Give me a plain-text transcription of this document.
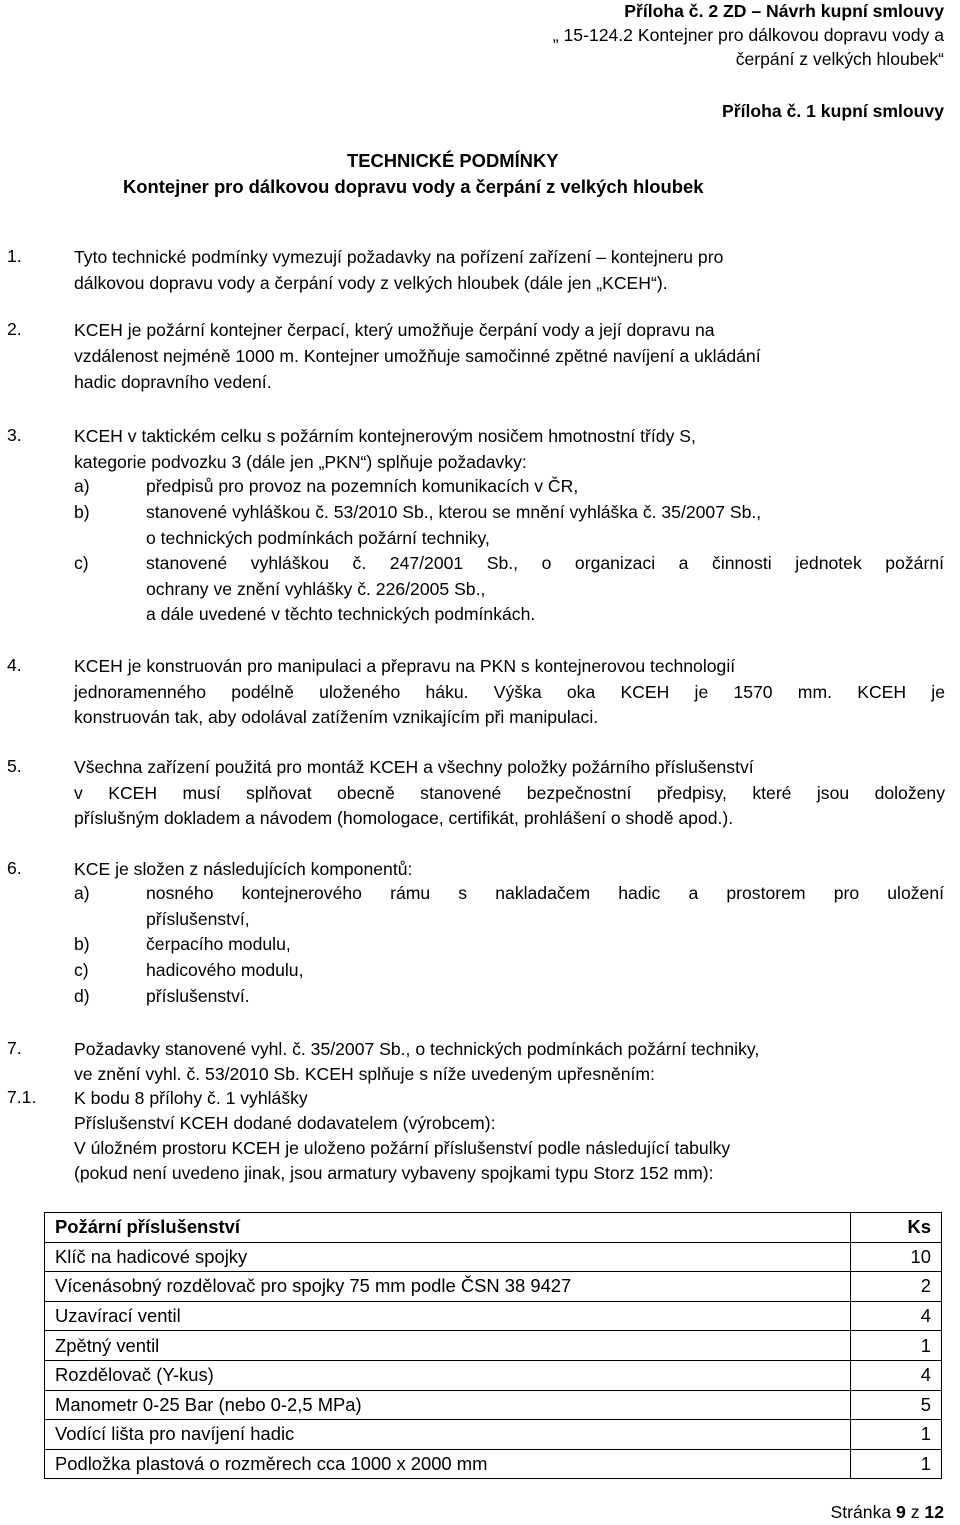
Příloha č. 2 ZD – Návrh kupní smlouvy
„ 15-124.2 Kontejner pro dálkovou dopravu vody a
čerpání z velkých hloubek“
Příloha č. 1 kupní smlouvy
TECHNICKÉ PODMÍNKY
Kontejner pro dálkovou dopravu vody a čerpání z velkých hloubek
1.	Tyto technické podmínky vymezují požadavky na pořízení zařízení – kontejneru pro
dálkovou dopravu vody a čerpání vody z velkých hloubek (dále jen „KCEH“).
2.	KCEH je požární kontejner čerpací, který umožňuje čerpání vody a její dopravu na
vzdálenost nejméně 1000 m. Kontejner umožňuje samočinné zpětné navíjení a ukládání
hadic dopravního vedení.
3.	KCEH v taktickém celku s požárním kontejnerovým nosičem hmotnostní třídy S,
kategorie podvozku 3 (dále jen „PKN“) splňuje požadavky:
a)	předpisů pro provoz na pozemních komunikacích v ČR,
b)	stanovené vyhláškou č. 53/2010 Sb., kterou se mnění vyhláška č. 35/2007 Sb.,
o technických podmínkách požární techniky,
c)	stanovené vyhláškou č. 247/2001 Sb., o organizaci a činnosti jednotek požární
ochrany ve znění vyhlášky č. 226/2005 Sb.,
a dále uvedené v těchto technických podmínkách.
4.	KCEH je konstruován pro manipulaci a přepravu na PKN s kontejnerovou technologií
jednoramenného podélně uloženého háku. Výška oka KCEH je 1570 mm. KCEH je
konstruován tak, aby odolával zatížením vznikajícím při manipulaci.
5.	Všechna zařízení použitá pro montáž KCEH a všechny položky požárního příslušenství
v KCEH musí splňovat obecně stanovené bezpečnostní předpisy, které jsou doloženy
příslušným dokladem a návodem (homologace, certifikát, prohlášení o shodě apod.).
6.	KCE je složen z následujících komponentů:
a)	nosného kontejnerového rámu s nakladačem hadic a prostorem pro uložení
příslušenství,
b)	čerpacího modulu,
c)	hadicového modulu,
d)	příslušenství.
7.	Požadavky stanovené vyhl. č. 35/2007 Sb., o technických podmínkách požární techniky,
ve znění vyhl. č. 53/2010 Sb. KCEH splňuje s níže uvedeným upřesněním:
7.1. K bodu 8 přílohy č. 1 vyhlášky
Příslušenství KCEH dodané dodavatelem (výrobcem):
V úložném prostoru KCEH je uloženo požární příslušenství podle následující tabulky
(pokud není uvedeno jinak, jsou armatury vybaveny spojkami typu Storz 152 mm):
Požární příslušenství	Ks
Klíč na hadicové spojky	10
Vícenásobný rozdělovač pro spojky 75 mm podle ČSN 38 9427	2
Uzavírací ventil	4
Zpětný ventil	1
Rozdělovač (Y-kus)	4
Manometr 0-25 Bar (nebo 0-2,5 MPa)	5
Vodící lišta pro navíjení hadic	1
Podložka plastová o rozměrech cca 1000 x 2000 mm	1
Stránka 9 z 12
